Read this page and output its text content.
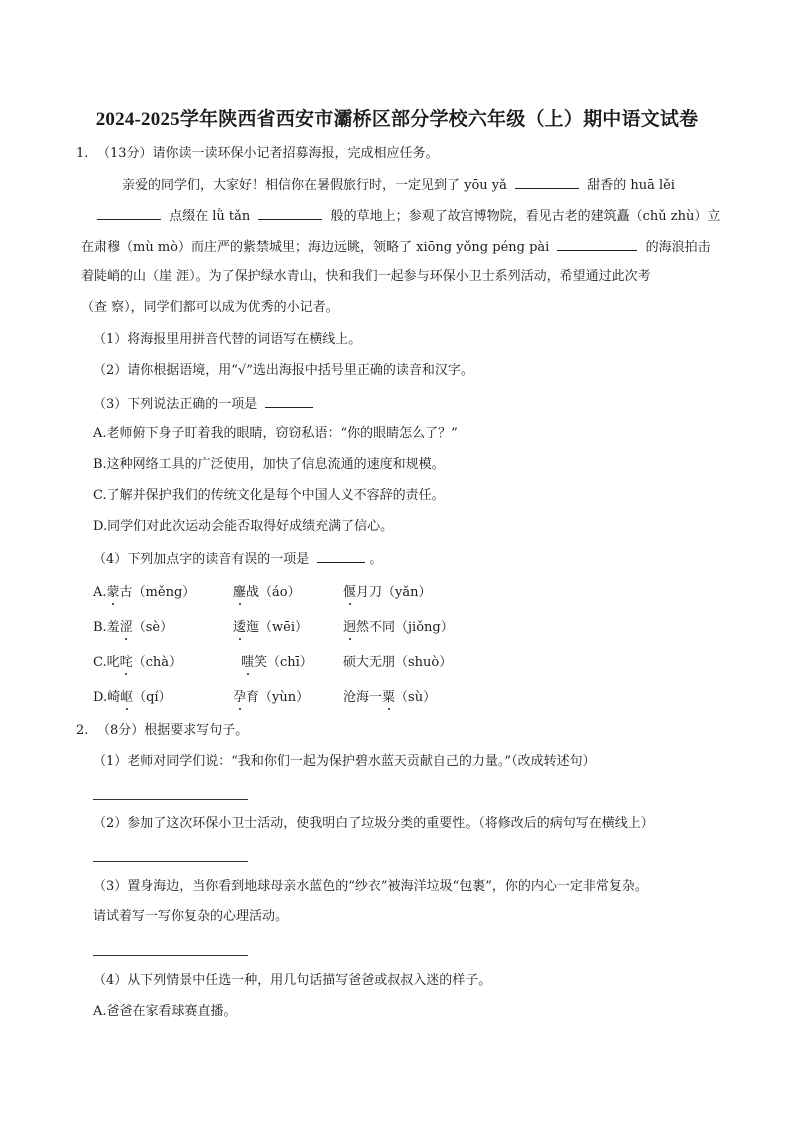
2024-2025学年陕西省西安市灞桥区部分学校六年级（上）期中语文试卷
1. （13分）请你读一读环保小记者招募海报，完成相应任务。
亲爱的同学们，大家好！相信你在暑假旅行时，一定见到了 yōu yǎ	甜香的 huā lěi
点缀在 lǜ tǎn	般的草地上；参观了故宫博物院，看见古老的建筑矗（chǔ zhù）立
在肃穆（mù mò）而庄严的紫禁城里；海边远眺，领略了 xiōng yǒng péng pài	的海浪拍击
着陡峭的山（崖 涯）。为了保护绿水青山，快和我们一起参与环保小卫士系列活动，希望通过此次考
（查 察），同学们都可以成为优秀的小记者。
（1）将海报里用拼音代替的词语写在横线上。
（2）请你根据语境，用“√”选出海报中括号里正确的读音和汉字。
（3）下列说法正确的一项是
A.老师俯下身子盯着我的眼睛，窃窃私语：“你的眼睛怎么了？”
B.这种网络工具的广泛使用，加快了信息流通的速度和规模。
C.了解并保护我们的传统文化是每个中国人义不容辞的责任。
D.同学们对此次运动会能否取得好成绩充满了信心。
（4）下列加点字的读音有误的一项是	。
A.蒙古（měng）	鏖战（áo）	偃月刀（yǎn）
B.羞涩（sè）	逶迤（wēi）	迥然不同（jiǒng）
C.叱咤（chà）	嗤笑（chī） 硕大无朋（shuò）
D.崎岖（qí）	孕育（yùn）	沧海一粟（sù）
2. （8分）根据要求写句子。
（1）老师对同学们说：“我和你们一起为保护碧水蓝天贡献自己的力量。”（改成转述句）
（2）参加了这次环保小卫士活动，使我明白了垃圾分类的重要性。（将修改后的病句写在横线上）
（3）置身海边，当你看到地球母亲水蓝色的“纱衣”被海洋垃圾“包裹”，你的内心一定非常复杂。
请试着写一写你复杂的心理活动。
（4）从下列情景中任选一种，用几句话描写爸爸或叔叔入迷的样子。
A.爸爸在家看球赛直播。
